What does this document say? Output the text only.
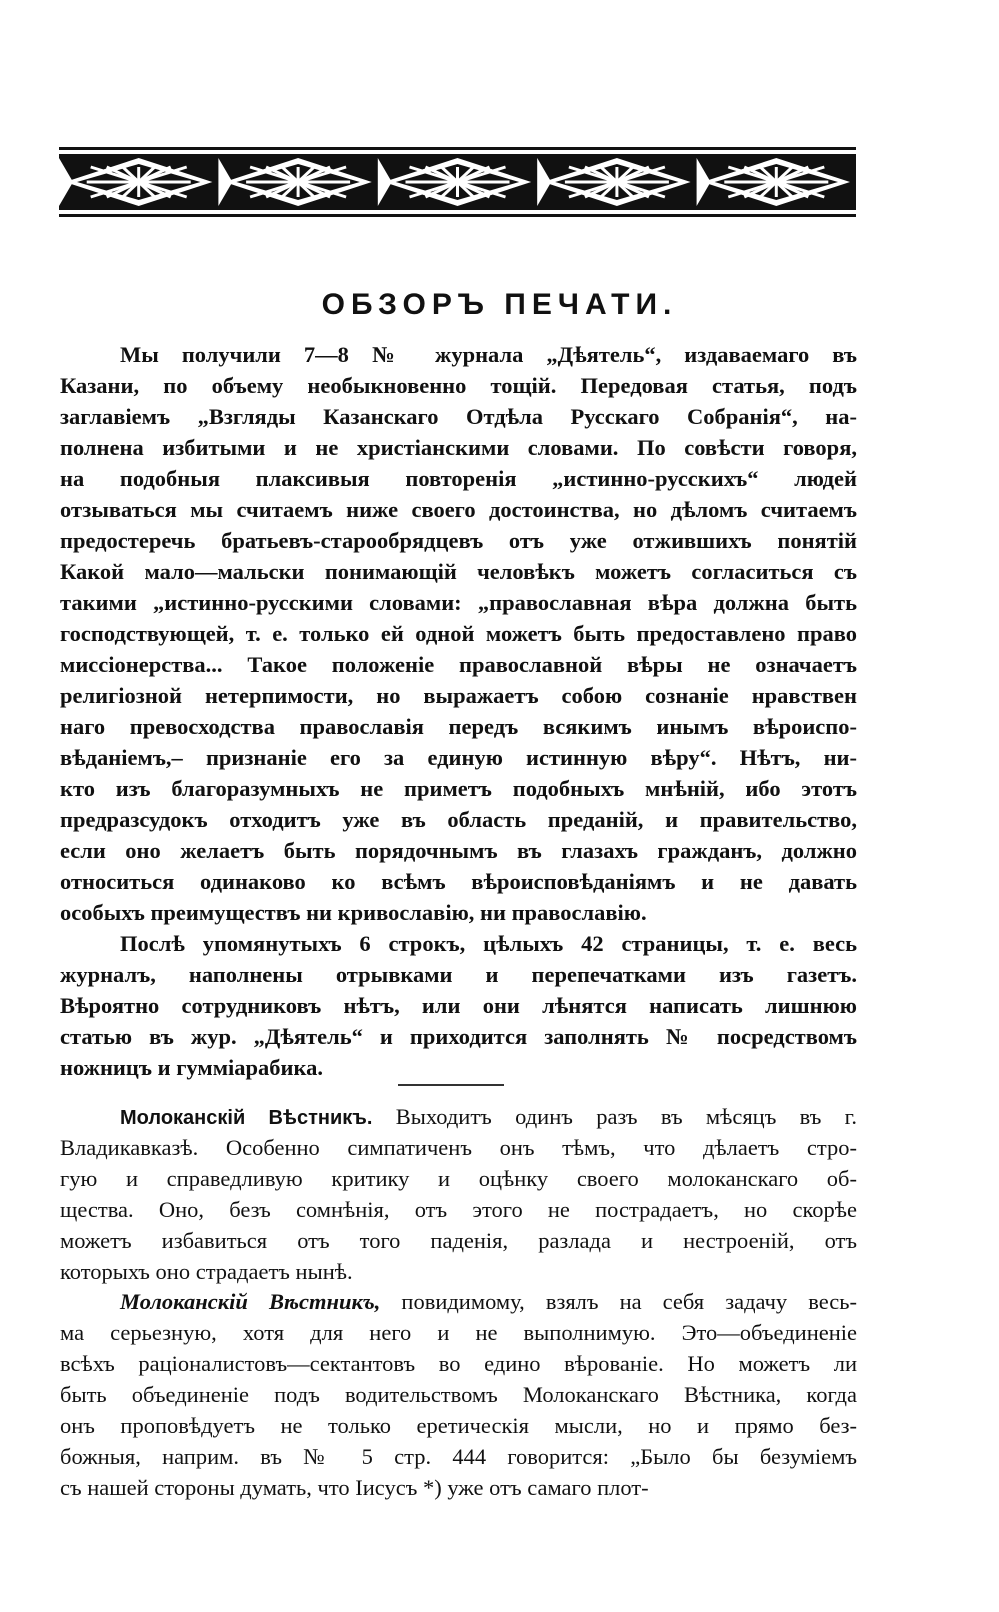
ОБЗОРЪ ПЕЧАТИ.
Мы получили 7—8 № журнала „Дѣятель“, издаваемаго въ
Казани, по объему необыкновенно тощій. Передовая статья, подъ
заглавіемъ „Взгляды Казанскаго Отдѣла Русскаго Собранія“, на-
полнена избитыми и не христіанскими словами. По совѣсти говоря,
на подобныя плаксивыя повторенія „истинно-русскихъ“ людей
отзываться мы считаемъ ниже своего достоинства, но дѣломъ считаемъ
предостеречь братьевъ-старообрядцевъ отъ уже отжившихъ понятій
Какой мало—мальски понимающій человѣкъ можетъ согласиться съ
такими „истинно-русскими словами: „православная вѣра должна быть
господствующей, т. е. только ей одной можетъ быть предоставлено право
миссіонерства... Такое положеніе православной вѣры не означаетъ
религіозной нетерпимости, но выражаетъ собою сознаніе нравствен
наго превосходства православія передъ всякимъ инымъ вѣроиспо-
вѣданіемъ,– признаніе его за единую истинную вѣру“. Нѣтъ, ни-
кто изъ благоразумныхъ не приметъ подобныхъ мнѣній, ибо этотъ
предразсудокъ отходитъ уже въ область преданій, и правительство,
если оно желаетъ быть порядочнымъ въ глазахъ гражданъ, должно
относиться одинаково ко всѣмъ вѣроисповѣданіямъ и не давать
особыхъ преимуществъ ни кривославію, ни православію.
Послѣ упомянутыхъ 6 строкъ, цѣлыхъ 42 страницы, т. е. весь
журналъ, наполнены отрывками и перепечатками изъ газетъ.
Вѣроятно сотрудниковъ нѣтъ, или они лѣнятся написать лишнюю
статью въ жур. „Дѣятель“ и приходится заполнять № посредствомъ
ножницъ и гуммiарабика.
Молоканскій Вѣстникъ. Выходитъ одинъ разъ въ мѣсяцъ въ г.
Владикавказѣ. Особенно симпатиченъ онъ тѣмъ, что дѣлаетъ стро-
гую и справедливую критику и оцѣнку своего молоканскаго об-
щества. Оно, безъ сомнѣнія, отъ этого не пострадаетъ, но скорѣе
можетъ избавиться отъ того паденія, разлада и нестроеній, отъ
которыхъ оно страдаетъ нынѣ.
Молоканскій Вѣстникъ, повидимому, взялъ на себя задачу весь-
ма серьезную, хотя для него и не выполнимую. Это—объединеніе
всѣхъ раціоналистовъ—сектантовъ во едино вѣрованіе. Но можетъ ли
быть объединеніе подъ водительствомъ Молоканскаго Вѣстника, когда
онъ проповѣдуетъ не только еретическія мысли, но и прямо без-
божныя, наприм. въ № 5 стр. 444 говорится: „Было бы безуміемъ
съ нашей стороны думать, что Іисусъ *) уже отъ самаго плот-
